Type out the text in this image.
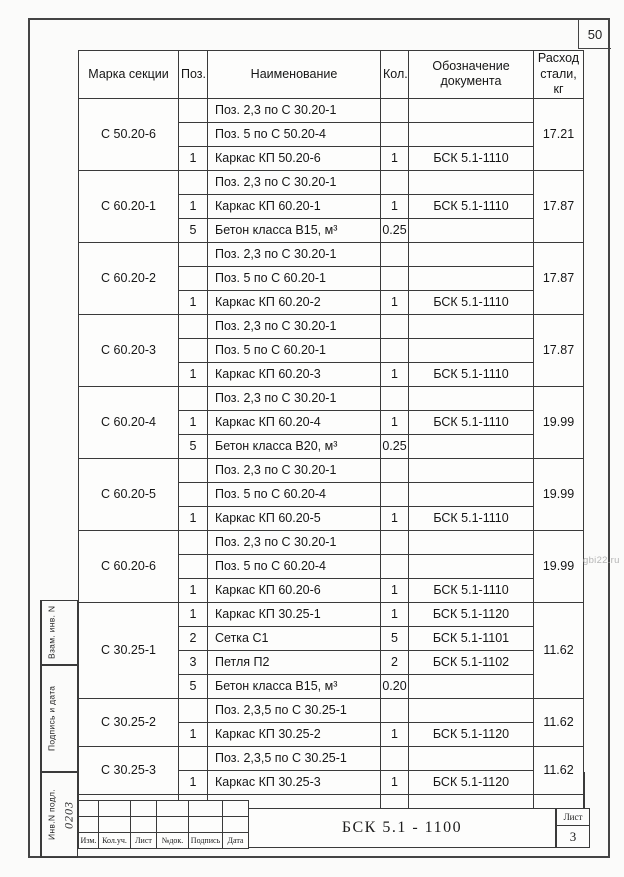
50
Марка секции	Поз.	Наименование	Кол.	Обозначение документа	Расход стали, кг
С 50.20-6		Поз. 2,3 по С 30.20-1			17.21
		Поз. 5 по С 50.20-4			
	1	Каркас КП 50.20-6	1	БСК 5.1-1110	
С 60.20-1		Поз. 2,3 по С 30.20-1			17.87
	1	Каркас КП 60.20-1	1	БСК 5.1-1110	
	5	Бетон класса В15, м³	0.25		
С 60.20-2		Поз. 2,3 по С 30.20-1			17.87
		Поз. 5 по С 60.20-1			
	1	Каркас КП 60.20-2	1	БСК 5.1-1110	
С 60.20-3		Поз. 2,3 по С 30.20-1			17.87
		Поз. 5 по С 60.20-1			
	1	Каркас КП 60.20-3	1	БСК 5.1-1110	
С 60.20-4		Поз. 2,3 по С 30.20-1			19.99
	1	Каркас КП 60.20-4	1	БСК 5.1-1110	
	5	Бетон класса В20, м³	0.25		
С 60.20-5		Поз. 2,3 по С 30.20-1			19.99
		Поз. 5 по С 60.20-4			
	1	Каркас КП 60.20-5	1	БСК 5.1-1110	
С 60.20-6		Поз. 2,3 по С 30.20-1			19.99
		Поз. 5 по С 60.20-4			
	1	Каркас КП 60.20-6	1	БСК 5.1-1110	
С 30.25-1	1	Каркас КП 30.25-1	1	БСК 5.1-1120	11.62
	2	Сетка С1	5	БСК 5.1-1101	
	3	Петля П2	2	БСК 5.1-1102	
	5	Бетон класса В15, м³	0.20		
С 30.25-2		Поз. 2,3,5 по С 30.25-1			11.62
	1	Каркас КП 30.25-2	1	БСК 5.1-1120	
С 30.25-3		Поз. 2,3,5 по С 30.25-1			11.62
	1	Каркас КП 30.25-3	1	БСК 5.1-1120	

Взам. инв. N
Подпись и дата
Инв.N подл. 0203

Изм.	Кол.уч.	Лист	№док.	Подпись	Дата
БСК 5.1 - 1100
Лист
3
gbi22.ru
